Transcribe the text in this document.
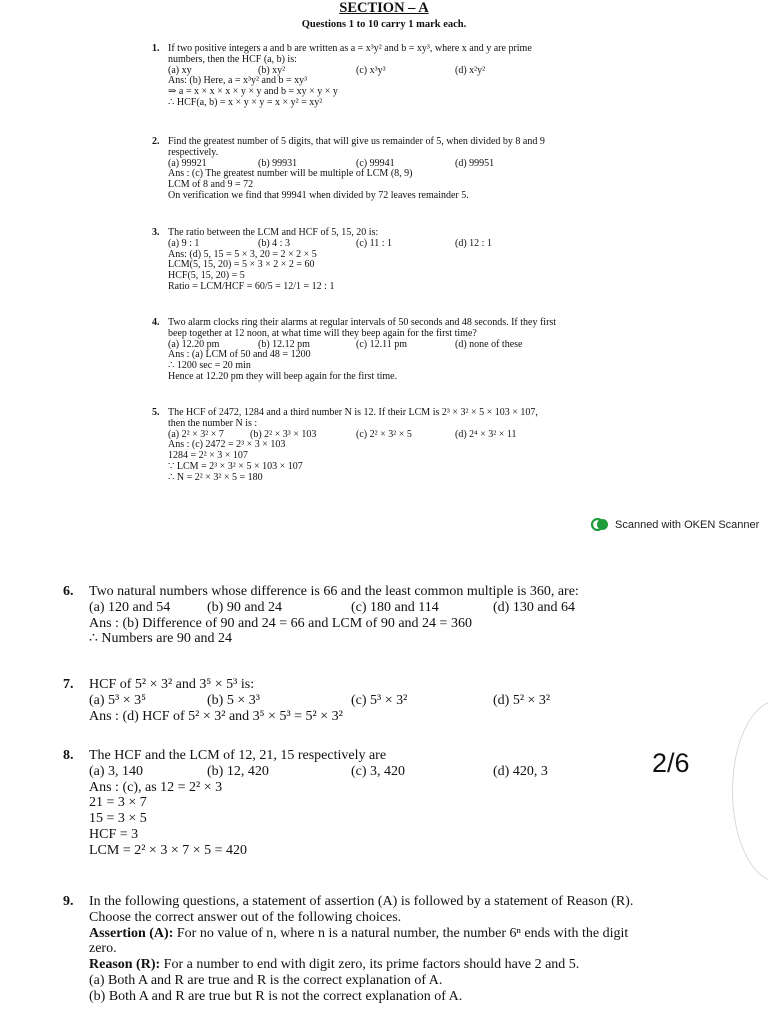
SECTION – A
Questions 1 to 10 carry 1 mark each.
1. If two positive integers a and b are written as a = x³y² and b = xy³, where x and y are prime
numbers, then the HCF (a, b) is:
(a) xy	(b) xy²	(c) x³y³	(d) x²y²
Ans: (b) Here, a = x³y² and b = xy³
⇒ a = x × x × x × y × y and b = xy × y × y
∴ HCF(a, b) = x × y × y = x × y² = xy²
2. Find the greatest number of 5 digits, that will give us remainder of 5, when divided by 8 and 9
respectively.
(a) 99921	(b) 99931	(c) 99941	(d) 99951
Ans : (c) The greatest number will be multiple of LCM (8, 9)
LCM of 8 and 9 = 72
On verification we find that 99941 when divided by 72 leaves remainder 5.
3. The ratio between the LCM and HCF of 5, 15, 20 is:
(a) 9 : 1	(b) 4 : 3	(c) 11 : 1	(d) 12 : 1
Ans: (d) 5, 15 = 5 × 3, 20 = 2 × 2 × 5
LCM(5, 15, 20) = 5 × 3 × 2 × 2 = 60
HCF(5, 15, 20) = 5
Ratio = LCM/HCF = 60/5 = 12/1 = 12 : 1
4. Two alarm clocks ring their alarms at regular intervals of 50 seconds and 48 seconds. If they first
beep together at 12 noon, at what time will they beep again for the first time?
(a) 12.20 pm	(b) 12.12 pm	(c) 12.11 pm	(d) none of these
Ans : (a) LCM of 50 and 48 = 1200
∴ 1200 sec = 20 min
Hence at 12.20 pm they will beep again for the first time.
5. The HCF of 2472, 1284 and a third number N is 12. If their LCM is 2³ × 3² × 5 × 103 × 107,
then the number N is :
(a) 2² × 3² × 7	(b) 2² × 3³ × 103	(c) 2² × 3² × 5	(d) 2⁴ × 3² × 11
Ans : (c) 2472 = 2³ × 3 × 103
1284 = 2² × 3 × 107
∵ LCM = 2³ × 3² × 5 × 103 × 107
∴ N = 2² × 3² × 5 = 180
Scanned with OKEN Scanner
6. Two natural numbers whose difference is 66 and the least common multiple is 360, are:
(a) 120 and 54	(b) 90 and 24	(c) 180 and 114	(d) 130 and 64
Ans : (b) Difference of 90 and 24 = 66 and LCM of 90 and 24 = 360
∴ Numbers are 90 and 24
7. HCF of 5² × 3² and 3⁵ × 5³ is:
(a) 5³ × 3⁵	(b) 5 × 3³	(c) 5³ × 3²	(d) 5² × 3²
Ans : (d) HCF of 5² × 3² and 3⁵ × 5³ = 5² × 3²
8. The HCF and the LCM of 12, 21, 15 respectively are
(a) 3, 140	(b) 12, 420	(c) 3, 420	(d) 420, 3
Ans : (c), as 12 = 2² × 3
21 = 3 × 7
15 = 3 × 5
HCF = 3
LCM = 2² × 3 × 7 × 5 = 420
2/6
9. In the following questions, a statement of assertion (A) is followed by a statement of Reason (R).
Choose the correct answer out of the following choices.
Assertion (A): For no value of n, where n is a natural number, the number 6ⁿ ends with the digit
zero.
Reason (R): For a number to end with digit zero, its prime factors should have 2 and 5.
(a) Both A and R are true and R is the correct explanation of A.
(b) Both A and R are true but R is not the correct explanation of A.
